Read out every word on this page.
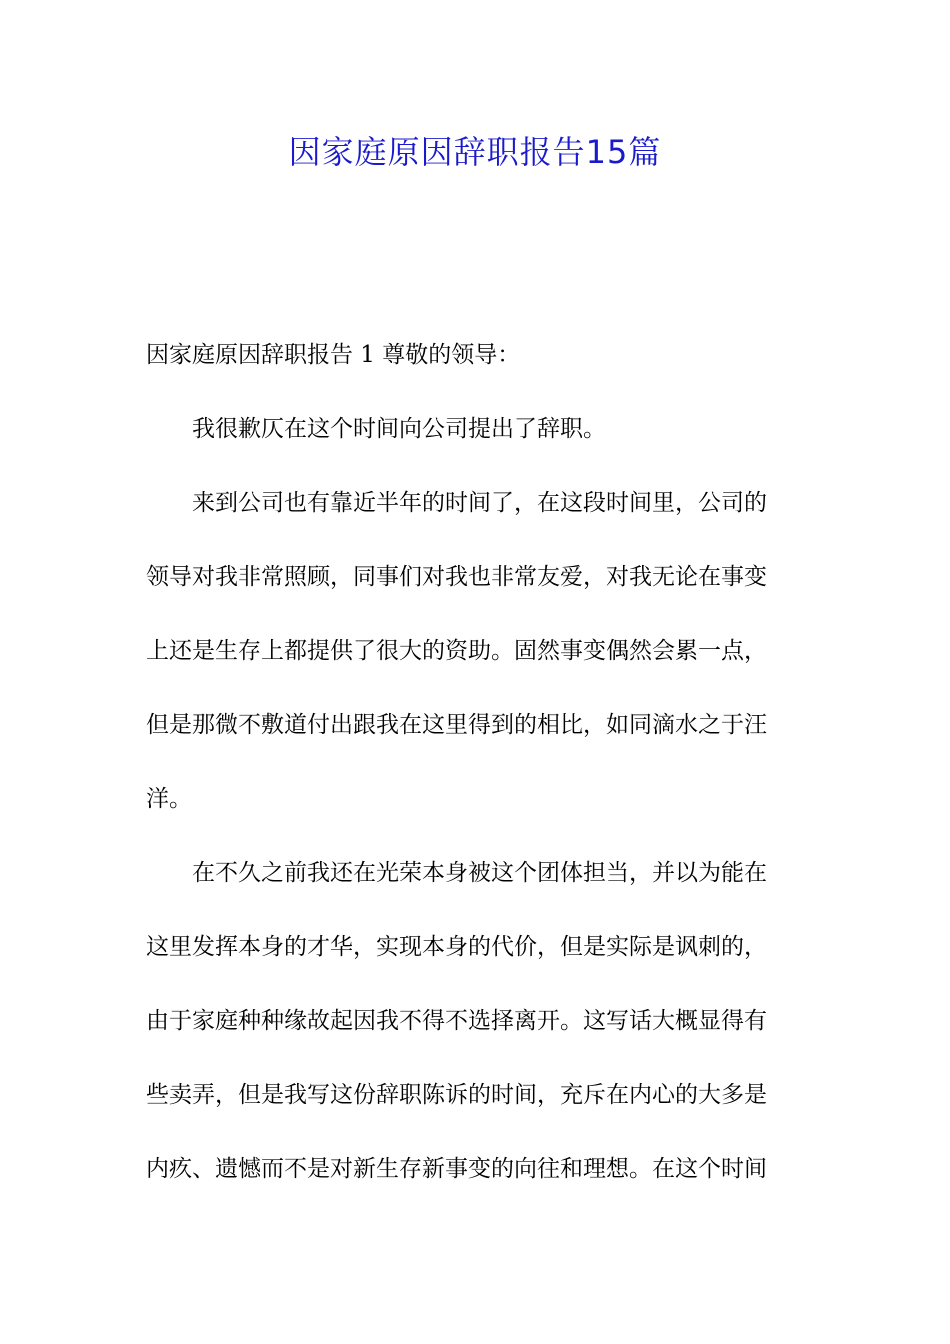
因家庭原因辞职报告15篇

因家庭原因辞职报告 1 尊敬的领导：

我很歉仄在这个时间向公司提出了辞职。

来到公司也有靠近半年的时间了，在这段时间里，公司的
领导对我非常照顾，同事们对我也非常友爱，对我无论在事变
上还是生存上都提供了很大的资助。固然事变偶然会累一点，
但是那微不敷道付出跟我在这里得到的相比，如同滴水之于汪
洋。

在不久之前我还在光荣本身被这个团体担当，并以为能在
这里发挥本身的才华，实现本身的代价，但是实际是讽刺的，
由于家庭种种缘故起因我不得不选择离开。这写话大概显得有
些卖弄，但是我写这份辞职陈诉的时间，充斥在内心的大多是
内疚、遗憾而不是对新生存新事变的向往和理想。在这个时间
